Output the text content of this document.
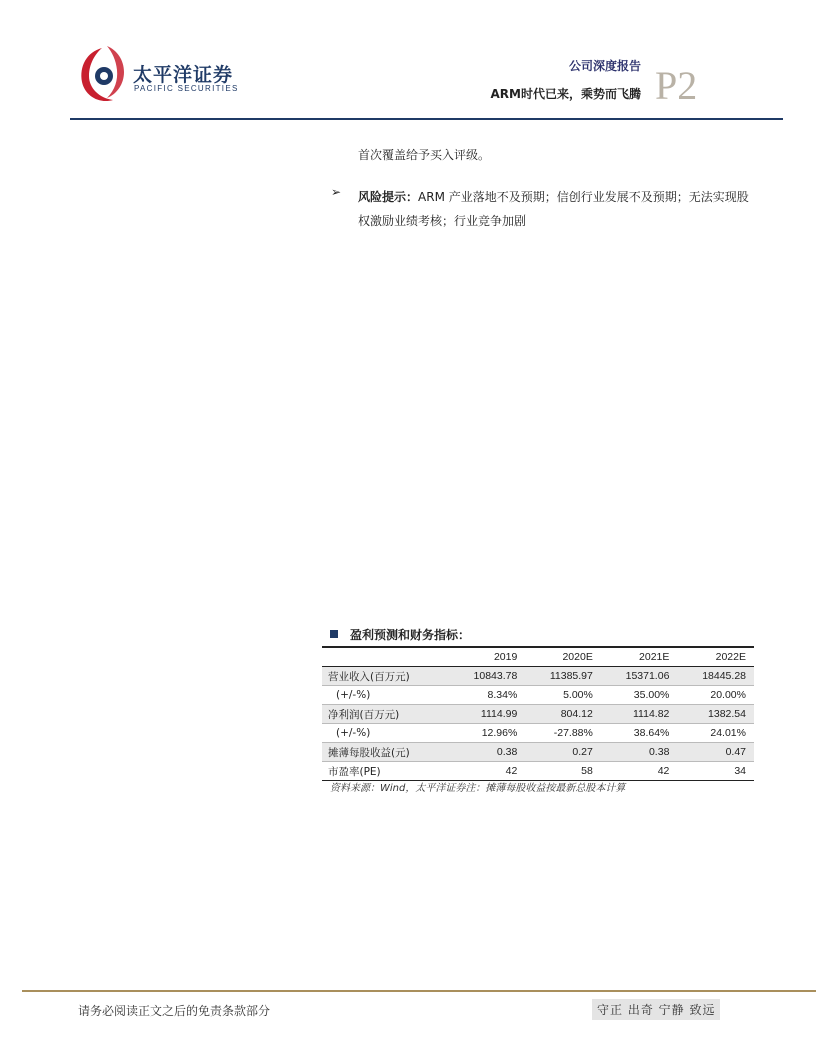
太平洋证券
PACIFIC SECURITIES
公司深度报告
ARM时代已来，乘势而飞腾 P2
首次覆盖给予买入评级。
➢ 风险提示：ARM 产业落地不及预期；信创行业发展不及预期；无法实现股权激励业绩考核；行业竞争加剧
盈利预测和财务指标：
	2019	2020E	2021E	2022E
营业收入(百万元)	10843.78	11385.97	15371.06	18445.28
(+/-%)	8.34%	5.00%	35.00%	20.00%
净利润(百万元)	1114.99	804.12	1114.82	1382.54
(+/-%)	12.96%	-27.88%	38.64%	24.01%
摊薄每股收益(元)	0.38	0.27	0.38	0.47
市盈率(PE)	42	58	42	34
资料来源：Wind，太平洋证券注：摊薄每股收益按最新总股本计算
请务必阅读正文之后的免责条款部分	守正 出奇 宁静 致远
